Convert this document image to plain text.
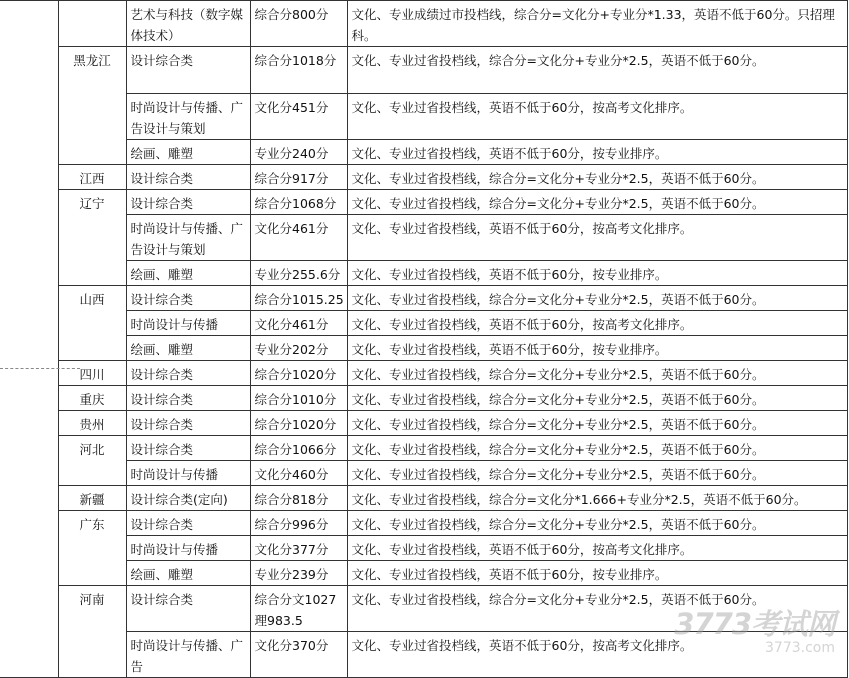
		艺术与科技（数字媒体技术）	综合分800分	文化、专业成绩过市投档线，综合分=文化分+专业分*1.33，英语不低于60分。只招理科。
	黑龙江	设计综合类	综合分1018分	文化、专业过省投档线，综合分=文化分+专业分*2.5，英语不低于60分。
		时尚设计与传播、广告设计与策划	文化分451分	文化、专业过省投档线，英语不低于60分，按高考文化排序。
		绘画、雕塑	专业分240分	文化、专业过省投档线，英语不低于60分，按专业排序。
	江西	设计综合类	综合分917分	文化、专业过省投档线，综合分=文化分+专业分*2.5，英语不低于60分。
	辽宁	设计综合类	综合分1068分	文化、专业过省投档线，综合分=文化分+专业分*2.5，英语不低于60分。
		时尚设计与传播、广告设计与策划	文化分461分	文化、专业过省投档线，英语不低于60分，按高考文化排序。
		绘画、雕塑	专业分255.6分	文化、专业过省投档线，英语不低于60分，按专业排序。
	山西	设计综合类	综合分1015.25	文化、专业过省投档线，综合分=文化分+专业分*2.5，英语不低于60分。
		时尚设计与传播	文化分461分	文化、专业过省投档线，英语不低于60分，按高考文化排序。
		绘画、雕塑	专业分202分	文化、专业过省投档线，英语不低于60分，按专业排序。
	四川	设计综合类	综合分1020分	文化、专业过省投档线，综合分=文化分+专业分*2.5，英语不低于60分。
	重庆	设计综合类	综合分1010分	文化、专业过省投档线，综合分=文化分+专业分*2.5，英语不低于60分。
	贵州	设计综合类	综合分1020分	文化、专业过省投档线，综合分=文化分+专业分*2.5，英语不低于60分。
	河北	设计综合类	综合分1066分	文化、专业过省投档线，综合分=文化分+专业分*2.5，英语不低于60分。
		时尚设计与传播	文化分460分	文化、专业过省投档线，综合分=文化分+专业分*2.5，英语不低于60分。
	新疆	设计综合类(定向)	综合分818分	文化、专业过省投档线，综合分=文化分*1.666+专业分*2.5，英语不低于60分。
	广东	设计综合类	综合分996分	文化、专业过省投档线，综合分=文化分+专业分*2.5，英语不低于60分。
		时尚设计与传播	文化分377分	文化、专业过省投档线，英语不低于60分，按高考文化排序。
		绘画、雕塑	专业分239分	文化、专业过省投档线，英语不低于60分，按专业排序。
	河南	设计综合类	综合分文1027理983.5	文化、专业过省投档线，综合分=文化分+专业分*2.5，英语不低于60分。
		时尚设计与传播、广告	文化分370分	文化、专业过省投档线，英语不低于60分，按高考文化排序。
3773考试网
3773.com
